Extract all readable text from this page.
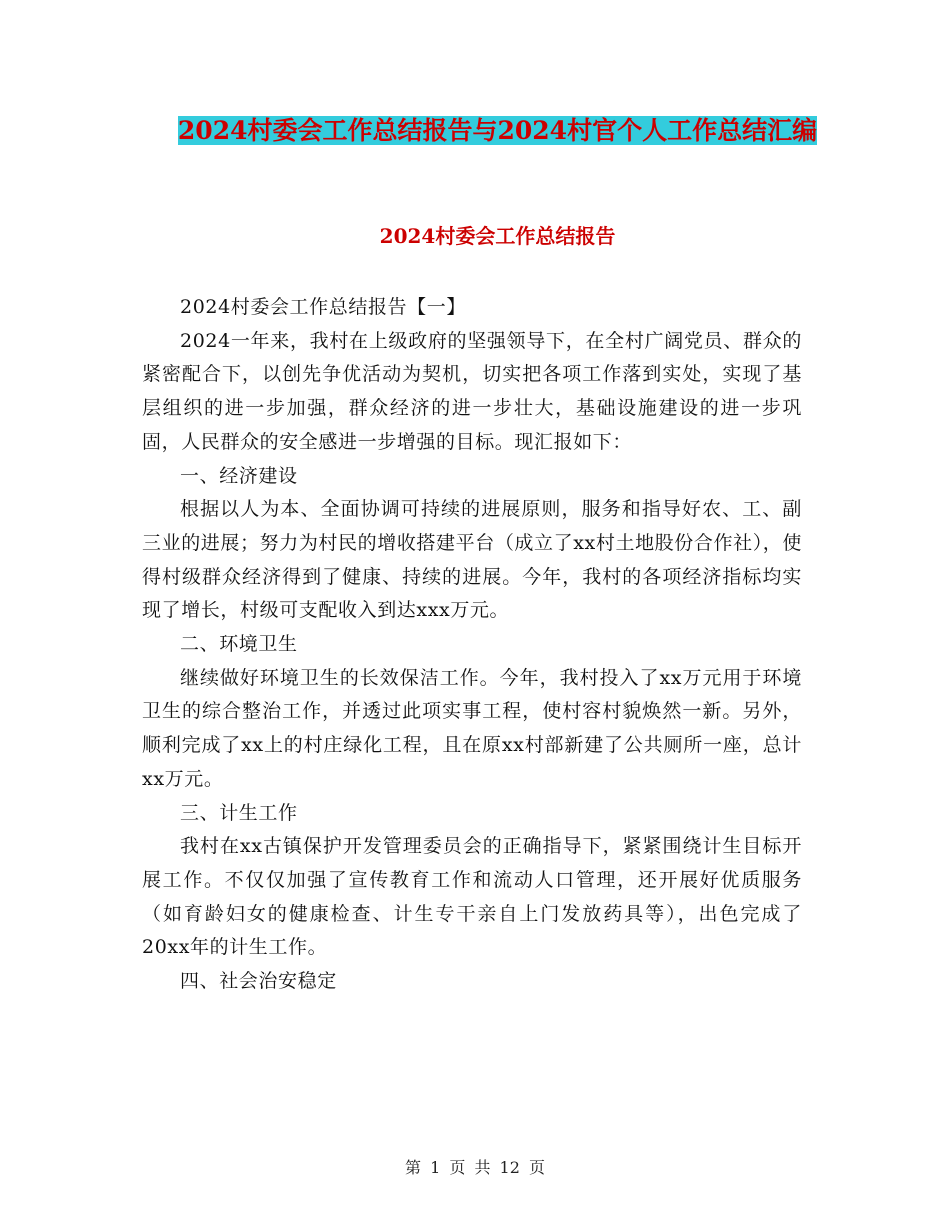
2024村委会工作总结报告与2024村官个人工作总结汇编
2024村委会工作总结报告

2024村委会工作总结报告【一】

2024一年来，我村在上级政府的坚强领导下，在全村广阔党员、群众的紧密配合下，以创先争优活动为契机，切实把各项工作落到实处，实现了基层组织的进一步加强，群众经济的进一步壮大，基础设施建设的进一步巩固，人民群众的安全感进一步增强的目标。现汇报如下：

一、经济建设

根据以人为本、全面协调可持续的进展原则，服务和指导好农、工、副三业的进展；努力为村民的增收搭建平台（成立了xx村土地股份合作社），使得村级群众经济得到了健康、持续的进展。今年，我村的各项经济指标均实现了增长，村级可支配收入到达xxx万元。

二、环境卫生

继续做好环境卫生的长效保洁工作。今年，我村投入了xx万元用于环境卫生的综合整治工作，并透过此项实事工程，使村容村貌焕然一新。另外，顺利完成了xx上的村庄绿化工程，且在原xx村部新建了公共厕所一座，总计xx万元。

三、计生工作

我村在xx古镇保护开发管理委员会的正确指导下，紧紧围绕计生目标开展工作。不仅仅加强了宣传教育工作和流动人口管理，还开展好优质服务（如育龄妇女的健康检查、计生专干亲自上门发放药具等），出色完成了20xx年的计生工作。

四、社会治安稳定

第 1 页 共 12 页
